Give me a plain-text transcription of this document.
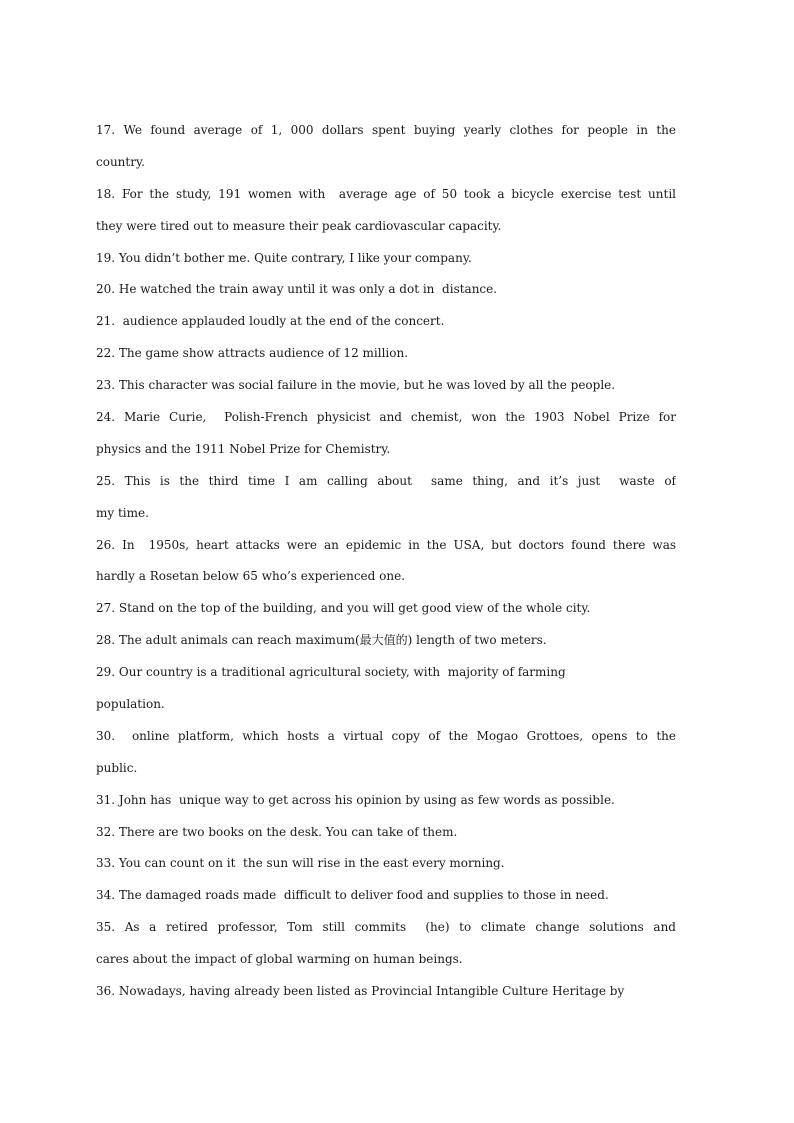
17. We found average of 1, 000 dollars spent buying yearly clothes for people in the
country.
18. For the study, 191 women with  average age of 50 took a bicycle exercise test until
they were tired out to measure their peak cardiovascular capacity.
19. You didn’t bother me. Quite contrary, I like your company.
20. He watched the train away until it was only a dot in  distance.
21.  audience applauded loudly at the end of the concert.
22. The game show attracts audience of 12 million.
23. This character was social failure in the movie, but he was loved by all the people.
24. Marie Curie,  Polish-French physicist and chemist, won the 1903 Nobel Prize for
physics and the 1911 Nobel Prize for Chemistry.
25. This is the third time I am calling about  same thing, and it’s just  waste of
my time.
26. In  1950s, heart attacks were an epidemic in the USA, but doctors found there was
hardly a Rosetan below 65 who’s experienced one.
27. Stand on the top of the building, and you will get good view of the whole city.
28. The adult animals can reach maximum(最大值的) length of two meters.
29. Our country is a traditional agricultural society, with  majority of farming
population.
30.  online platform, which hosts a virtual copy of the Mogao Grottoes, opens to the
public.
31. John has  unique way to get across his opinion by using as few words as possible.
32. There are two books on the desk. You can take of them.
33. You can count on it  the sun will rise in the east every morning.
34. The damaged roads made  difficult to deliver food and supplies to those in need.
35. As a retired professor, Tom still commits  (he) to climate change solutions and
cares about the impact of global warming on human beings.
36. Nowadays, having already been listed as Provincial Intangible Culture Heritage by
